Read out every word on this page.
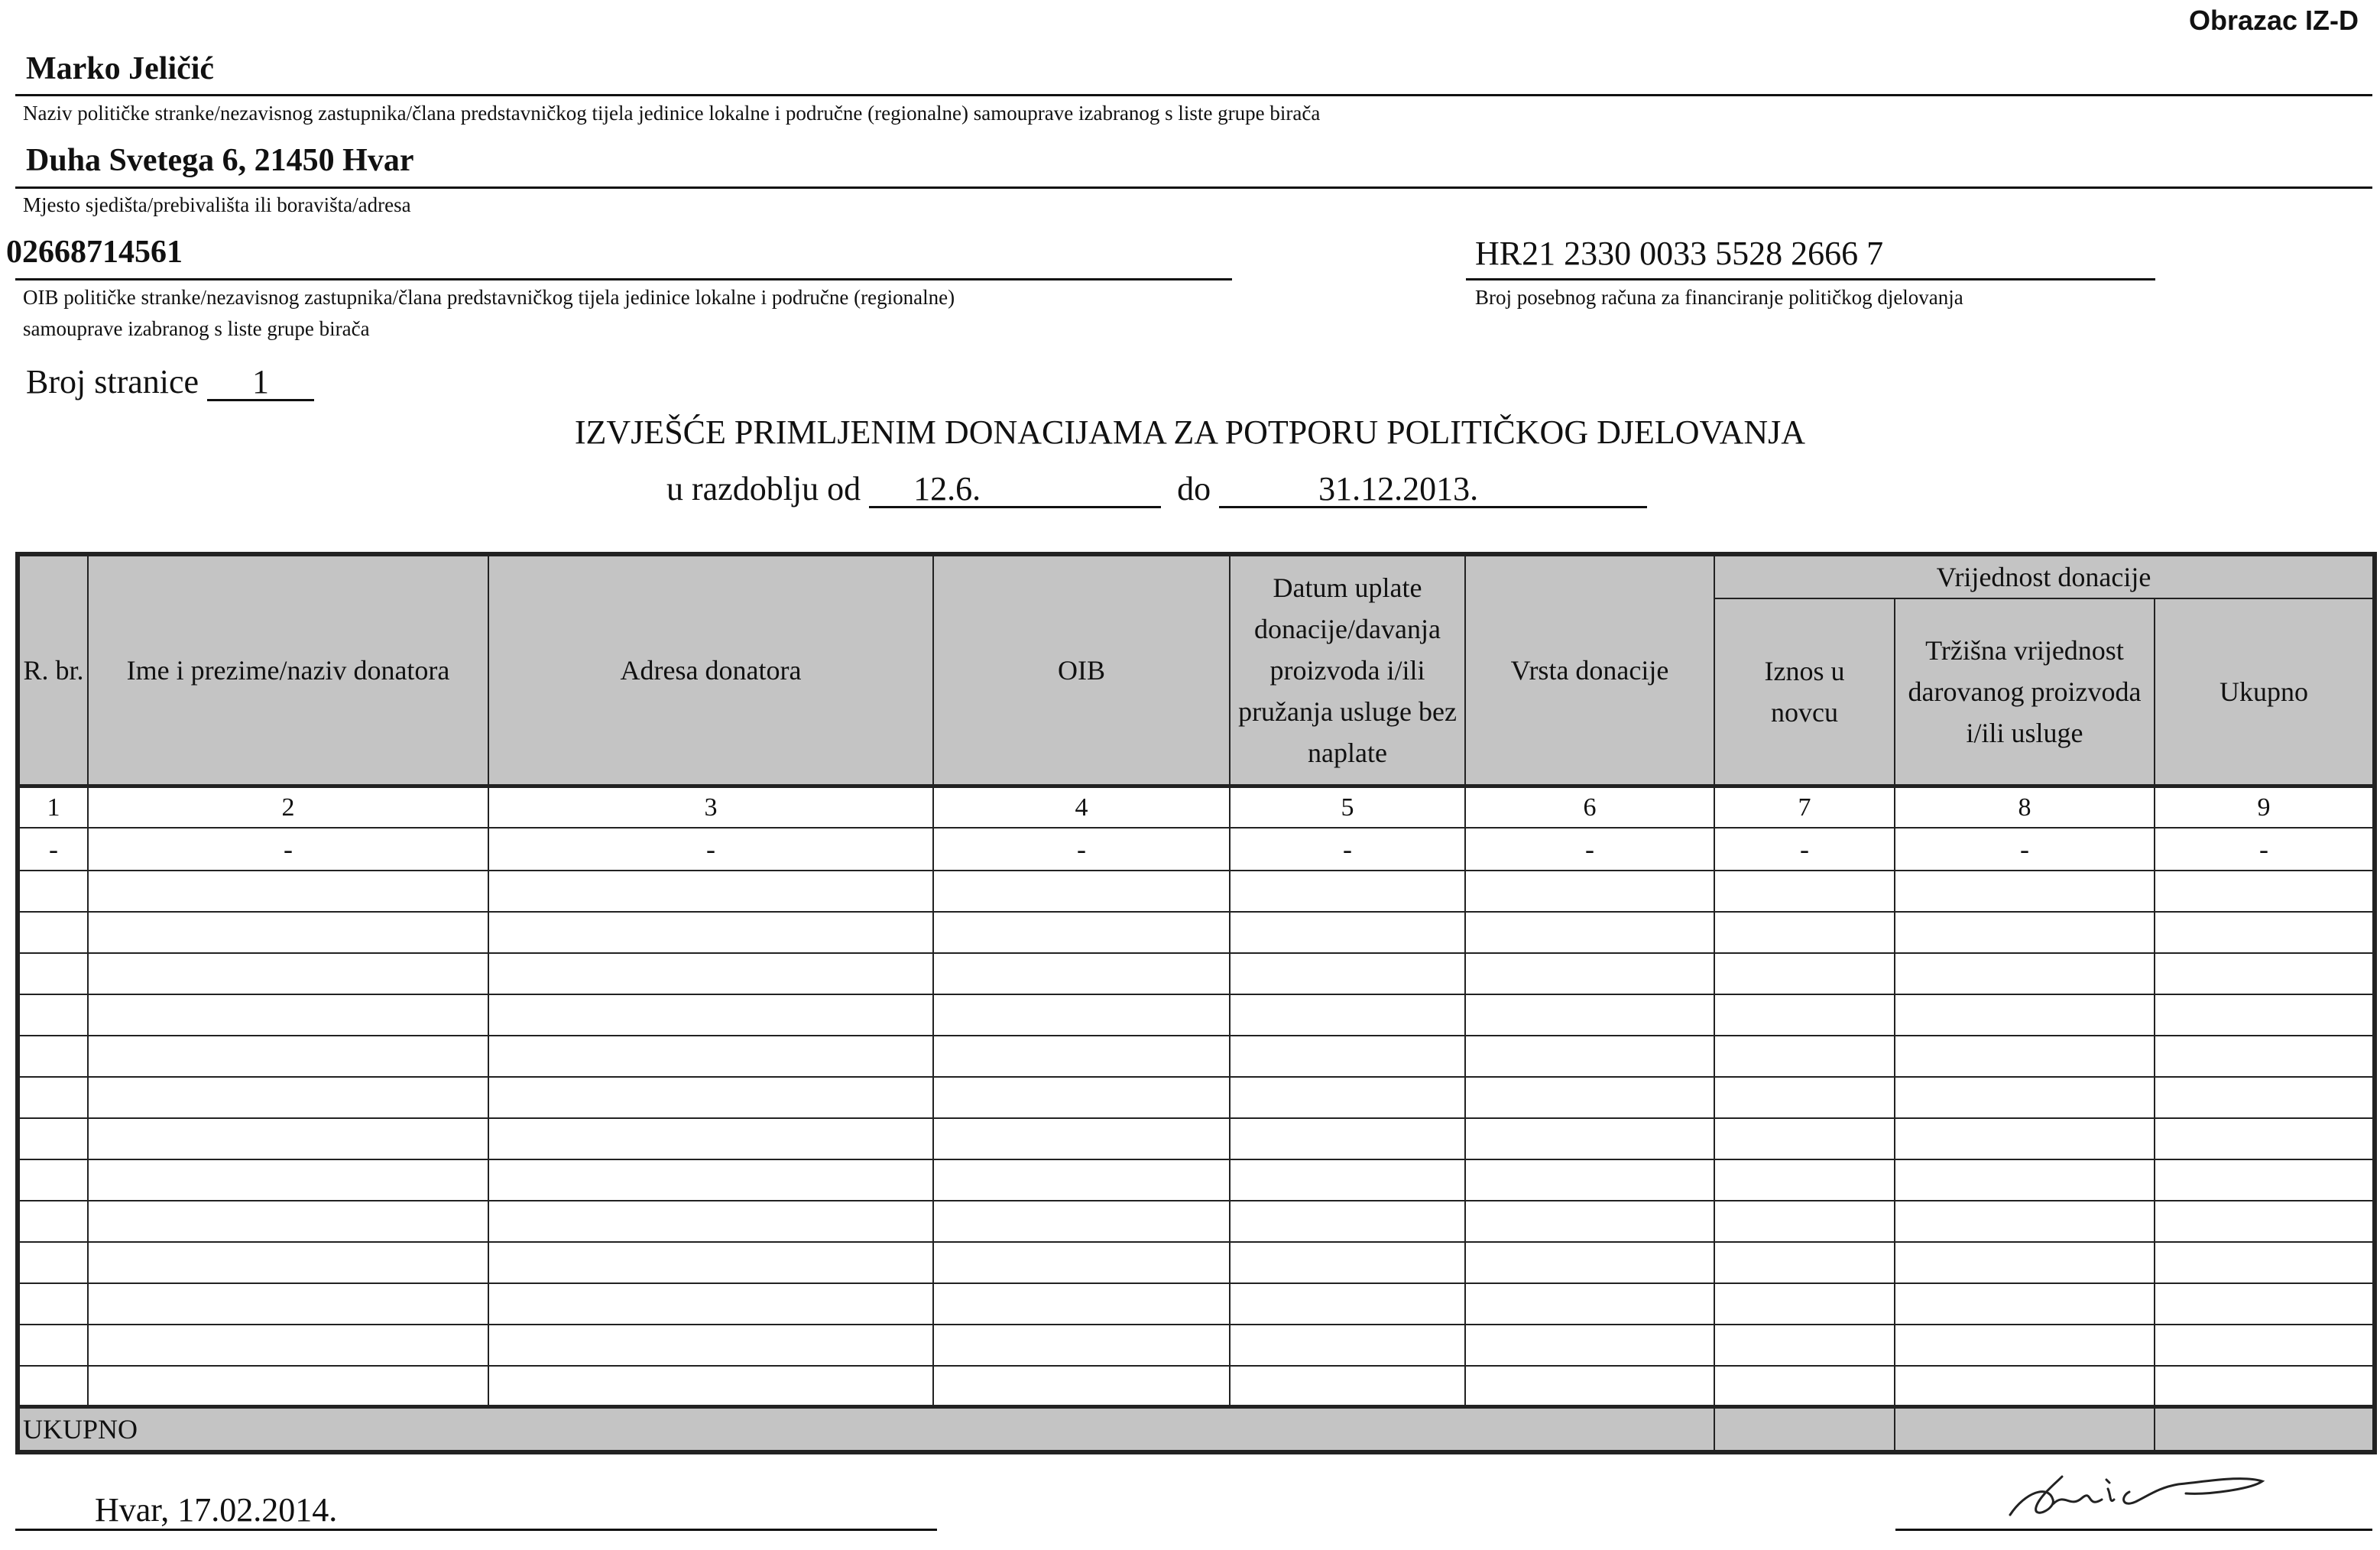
Obrazac IZ-D
Marko Jeličić
Naziv političke stranke/nezavisnog zastupnika/člana predstavničkog tijela jedinice lokalne i područne (regionalne) samouprave izabranog s liste grupe birača
Duha Svetega 6, 21450 Hvar
Mjesto sjedišta/prebivališta ili boravišta/adresa
02668714561
OIB političke stranke/nezavisnog zastupnika/člana predstavničkog tijela jedinice lokalne i područne (regionalne)
samouprave izabranog s liste grupe birača
HR21 2330 0033 5528 2666 7
Broj posebnog računa za financiranje političkog djelovanja
Broj stranice 1
IZVJEŠĆE PRIMLJENIM DONACIJAMA ZA POTPORU POLITIČKOG DJELOVANJA
u razdoblju od 12.6.	do	31.12.2013.
R. br.	Ime i prezime/naziv donatora	Adresa donatora	OIB	Datum uplate donacije/davanja proizvoda i/ili pružanja usluge bez naplate	Vrsta donacije	Vrijednost donacije		
						Iznos u novcu	Tržišna vrijednost darovanog proizvoda i/ili usluge	Ukupno
1	2	3	4	5	6	7	8	9
-	-	-	-	-	-	-	-	-

UKUPNO								
Hvar, 17.02.2014.
